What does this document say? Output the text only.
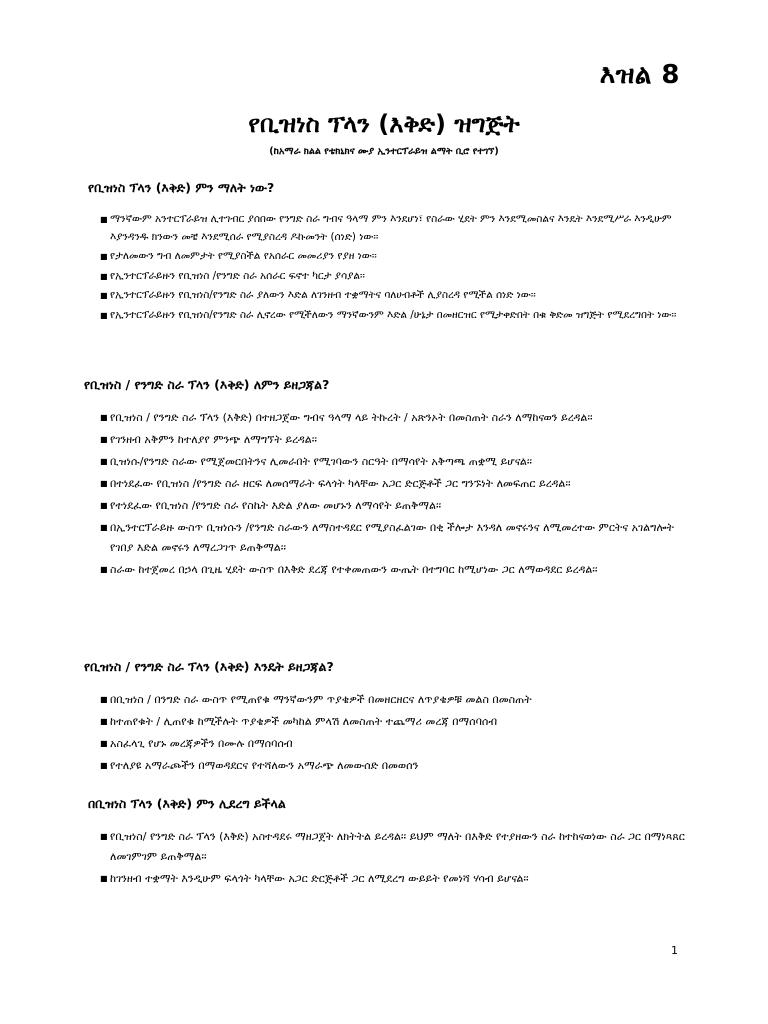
እዝል 8
የቢዝነስ ፕላን (እቅድ) ዝግጅት
(ከአማራ ክልል የቴክኒክና ሙያ ኢንተርፕራይዝ ልማት ቢሮ የተገኘ)
የቢዝነስ ፕላን (እቅድ) ምን ማለት ነው?
■ ማንኛውም አንተርፕራይዝ ሊተገብር ያሰበው የንግድ ስራ ግብና ዓላማ ምን እንደሆነ፣ የስራው ሂደት ምን እንደሚመስልና እንዴት እንደሚሥራ እንዲሁም እያንዳንዱ ክንውን መቼ እንደሚሰራ የሚያስረዳ ዶኩመንት (ሰነድ) ነው፡፡
■ የታለመውን ግብ ለመምታት የሚያስችል የአሰራር መመሪያን የያዘ ነው፡፡
■ የኢንተርፕራይዙን የቢዝነስ /የንግድ ስራ አሰራር ፍኖተ ካርታ ያሳያል፡፡
■ የኢንተርፕራይዙን የቢዝነስ/የንግድ ስራ ያለውን እድል ለገንዘብ ተቋማትና ባለሀብቶች ሊያስረዳ የሚችል ሰነድ ነው፡፡
■ የኢንተርፕራይዙን የቢዝነስ/የንግድ ስራ ሊኖረው የሚችለውን ማንኛውንም እድል /ሁኔታ በመዘርዝር የሚታቀድበት በቁ ቅድመ ዝግጅት የሚደረግበት ነው፡፡
የቢዝነስ / የንግድ ስራ ፕላን (እቅድ) ለምን ይዘጋጃል?
■ የቢዝነስ / የንግድ ስራ ፕላን (እቅድ) በተዘጋጀው ግብና ዓላማ ላይ ትኩረት / አጽንኦት በመስጠት ስራን ለማከናወን ይረዳል፡፡
■ የገንዘብ አቅምን ከተለያየ ምንጭ ለማግኘት ይረዳል፡፡
■ ቢዝነሱ/የንግድ ስራው የሚጀመርበትንና ሊመራበት የሚገባውን ስርዓት በማሳየት አቅጣጫ ጠቋሚ ይሆናል፡፡
■ በተነደፈው የቢዝነስ /የንግድ ስራ ዘርፍ ለመሰማራት ፍላጎት ካላቸው አጋር ድርጅቶች ጋር ግንኙነት ለመፍጠር ይረዳል፡፡
■ የተነደፈው የቢዝነስ /የንግድ ስራ የስኬት እድል ያለው መሆኑን ለማሳየት ይጠቅማል፡፡
■ በኢንተርፕራይዙ ውስጥ ቢዝነሱን /የንግድ ስራውን ለማስተዳደር የሚያስፈልገው በቂ ችሎታ እንዳለ መኖሩንና ለሚመረተው ምርትና አገልግሎት የገበያ እድል መኖሩን ለማረጋገጥ ይጠቅማል፡፡
■ ስራው ከተጀመረ በኃላ በጊዜ ሂደት ውስጥ በእቅድ ደረጃ የተቀመጠውን ውጤት በተግባር ከሚሆነው ጋር ለማወዳደር ይረዳል፡፡
የቢዝነስ / የንግድ ስራ ፕላን (እቅድ) እንዴት ይዘጋጃል?
■ በቢዝነስ / በንግድ ስራ ውስጥ የሚጠየቁ ማንኛውንም ጥያቄዎች በመዘርዘርና ለጥያቄዎቹ መልስ በመስጠት
■ ከተጠየቁት / ሊጠየቁ ከሚችሉት ጥያቄዎች መካከል ምላሽ ለመስጠት ተጨማሪ መረጃ በማሰባሰብ
■ አስፈላጊ የሆኑ መረጃዎችን በሙሉ በማሰባሰብ
■ የተለያዩ አማራጮችን በማወዳደርና የተሻለውን አማራጭ ለመውሰድ በመወሰን
በቢዝነስ ፕላን (እቅድ) ምን ሊደረግ ይችላል
■ የቢዝነስ/ የንግድ ስራ ፕላን (እቅድ) አስተዳደሩ ማዘጋጀት ለክትትል ይረዳል፡፡ ይህም ማለት በእቅድ የተያዘውን ስራ ከተከናወነው ስራ ጋር በማነጻጸር ለመገምገም ይጠቅማል፡፡
■ ከገንዘብ ተቋማት እንዲሁም ፍላጎት ካላቸው አጋር ድርጅቶች ጋር ለሚደረግ ውይይት የመነሻ ሃሳብ ይሆናል፡፡
1
